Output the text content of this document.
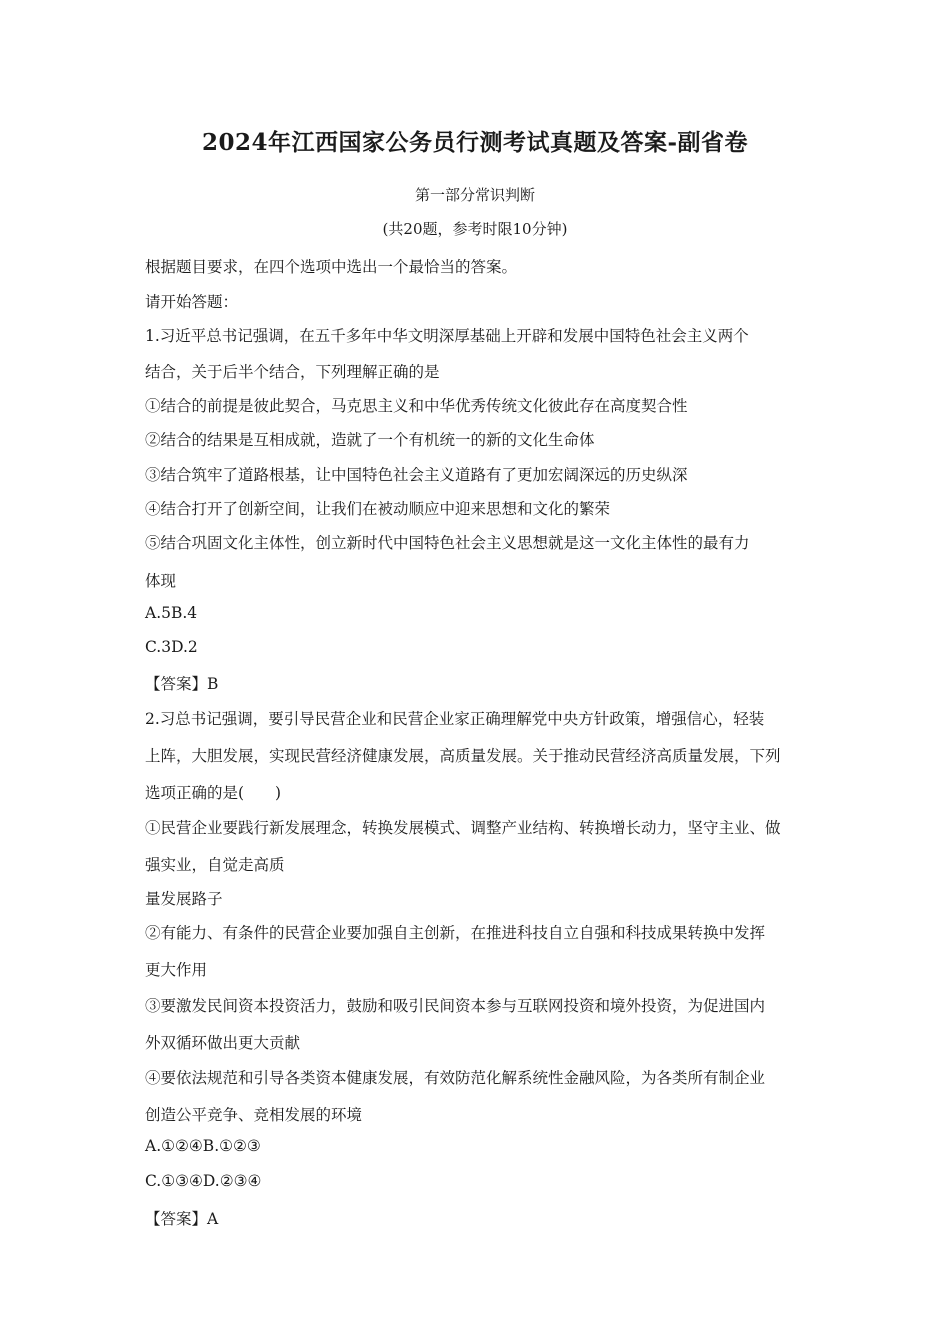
2024年江西国家公务员行测考试真题及答案-副省卷
第一部分常识判断
(共20题，参考时限10分钟)
根据题目要求，在四个选项中选出一个最恰当的答案。
请开始答题：
1.习近平总书记强调，在五千多年中华文明深厚基础上开辟和发展中国特色社会主义两个
结合，关于后半个结合，下列理解正确的是
①结合的前提是彼此契合，马克思主义和中华优秀传统文化彼此存在高度契合性
②结合的结果是互相成就，造就了一个有机统一的新的文化生命体
③结合筑牢了道路根基，让中国特色社会主义道路有了更加宏阔深远的历史纵深
④结合打开了创新空间，让我们在被动顺应中迎来思想和文化的繁荣
⑤结合巩固文化主体性，创立新时代中国特色社会主义思想就是这一文化主体性的最有力
体现
A.5B.4
C.3D.2
【答案】B
2.习总书记强调，要引导民营企业和民营企业家正确理解党中央方针政策，增强信心，轻装
上阵，大胆发展，实现民营经济健康发展，高质量发展。关于推动民营经济高质量发展，下列
选项正确的是(　　)
①民营企业要践行新发展理念，转换发展模式、调整产业结构、转换增长动力，坚守主业、做
强实业，自觉走高质
量发展路子
②有能力、有条件的民营企业要加强自主创新，在推进科技自立自强和科技成果转换中发挥
更大作用
③要激发民间资本投资活力，鼓励和吸引民间资本参与互联网投资和境外投资，为促进国内
外双循环做出更大贡献
④要依法规范和引导各类资本健康发展，有效防范化解系统性金融风险，为各类所有制企业
创造公平竞争、竞相发展的环境
A.①②④B.①②③
C.①③④D.②③④
【答案】A
